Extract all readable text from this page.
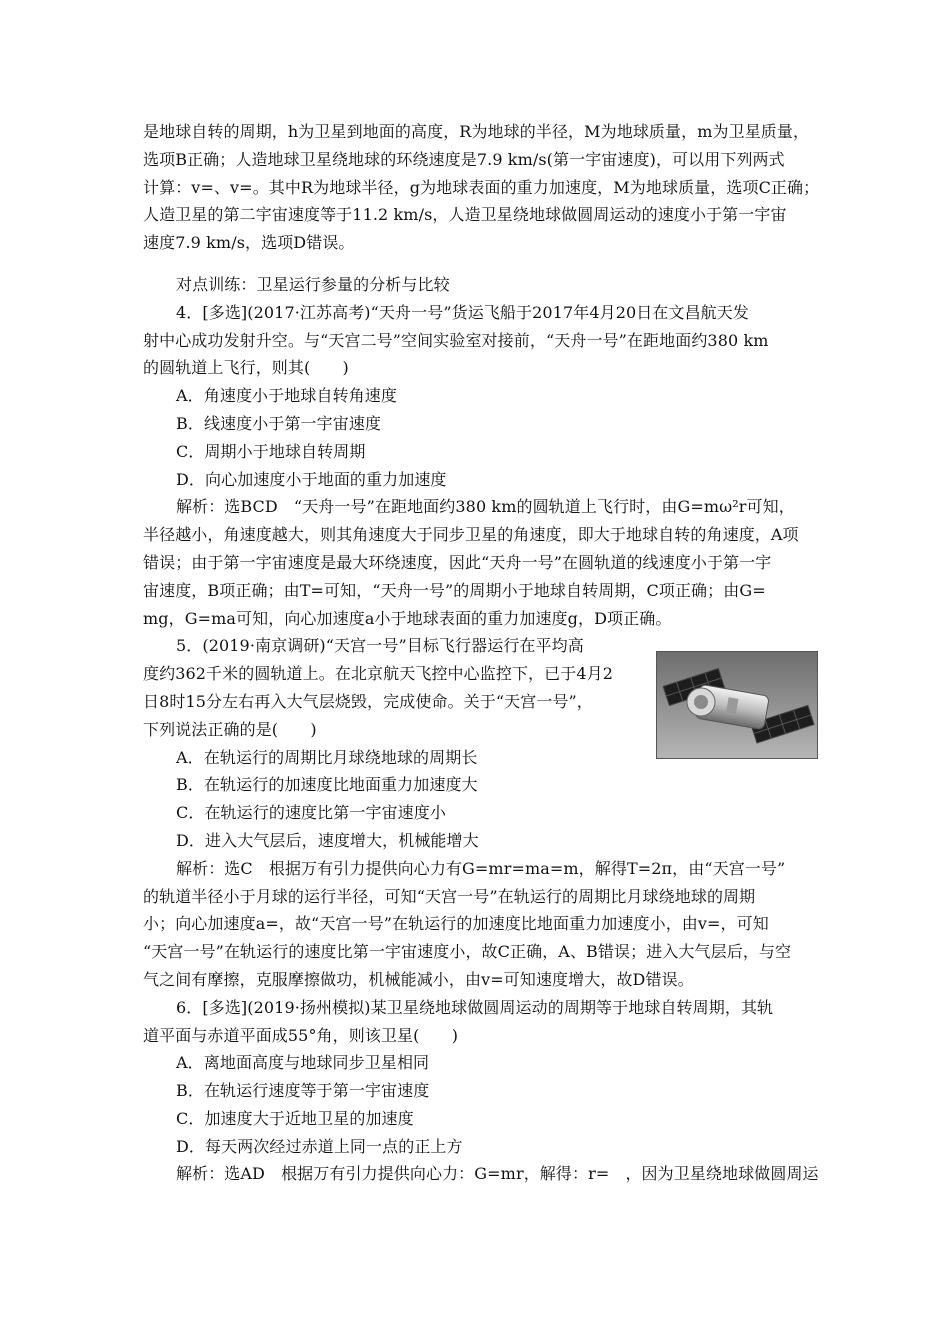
是地球自转的周期，h为卫星到地面的高度，R为地球的半径，M为地球质量，m为卫星质量，
选项B正确；人造地球卫星绕地球的环绕速度是7.9 km/s(第一宇宙速度)，可以用下列两式
计算：v=、v=。其中R为地球半径，g为地球表面的重力加速度，M为地球质量，选项C正确；
人造卫星的第二宇宙速度等于11.2 km/s，人造卫星绕地球做圆周运动的速度小于第一宇宙
速度7.9 km/s，选项D错误。
对点训练：卫星运行参量的分析与比较
4．[多选](2017·江苏高考)“天舟一号”货运飞船于2017年4月20日在文昌航天发
射中心成功发射升空。与“天宫二号”空间实验室对接前，“天舟一号”在距地面约380 km
的圆轨道上飞行，则其(　　)
A．角速度小于地球自转角速度
B．线速度小于第一宇宙速度
C．周期小于地球自转周期
D．向心加速度小于地面的重力加速度
解析：选BCD　“天舟一号”在距地面约380 km的圆轨道上飞行时，由G=mω²r可知，
半径越小，角速度越大，则其角速度大于同步卫星的角速度，即大于地球自转的角速度，A项
错误；由于第一宇宙速度是最大环绕速度，因此“天舟一号”在圆轨道的线速度小于第一宇
宙速度，B项正确；由T=可知，“天舟一号”的周期小于地球自转周期，C项正确；由G=
mg，G=ma可知，向心加速度a小于地球表面的重力加速度g，D项正确。
5．(2019·南京调研)“天宫一号”目标飞行器运行在平均高
度约362千米的圆轨道上。在北京航天飞控中心监控下，已于4月2
日8时15分左右再入大气层烧毁，完成使命。关于“天宫一号”，
下列说法正确的是(　　)
A．在轨运行的周期比月球绕地球的周期长
B．在轨运行的加速度比地面重力加速度大
C．在轨运行的速度比第一宇宙速度小
D．进入大气层后，速度增大，机械能增大
解析：选C　根据万有引力提供向心力有G=mr=ma=m，解得T=2π，由“天宫一号”
的轨道半径小于月球的运行半径，可知“天宫一号”在轨运行的周期比月球绕地球的周期
小；向心加速度a=，故“天宫一号”在轨运行的加速度比地面重力加速度小，由v=，可知
“天宫一号”在轨运行的速度比第一宇宙速度小，故C正确，A、B错误；进入大气层后，与空
气之间有摩擦，克服摩擦做功，机械能减小，由v=可知速度增大，故D错误。
6．[多选](2019·扬州模拟)某卫星绕地球做圆周运动的周期等于地球自转周期，其轨
道平面与赤道平面成55°角，则该卫星(　　)
A．离地面高度与地球同步卫星相同
B．在轨运行速度等于第一宇宙速度
C．加速度大于近地卫星的加速度
D．每天两次经过赤道上同一点的正上方
解析：选AD　根据万有引力提供向心力：G=mr，解得：r=　，因为卫星绕地球做圆周运
